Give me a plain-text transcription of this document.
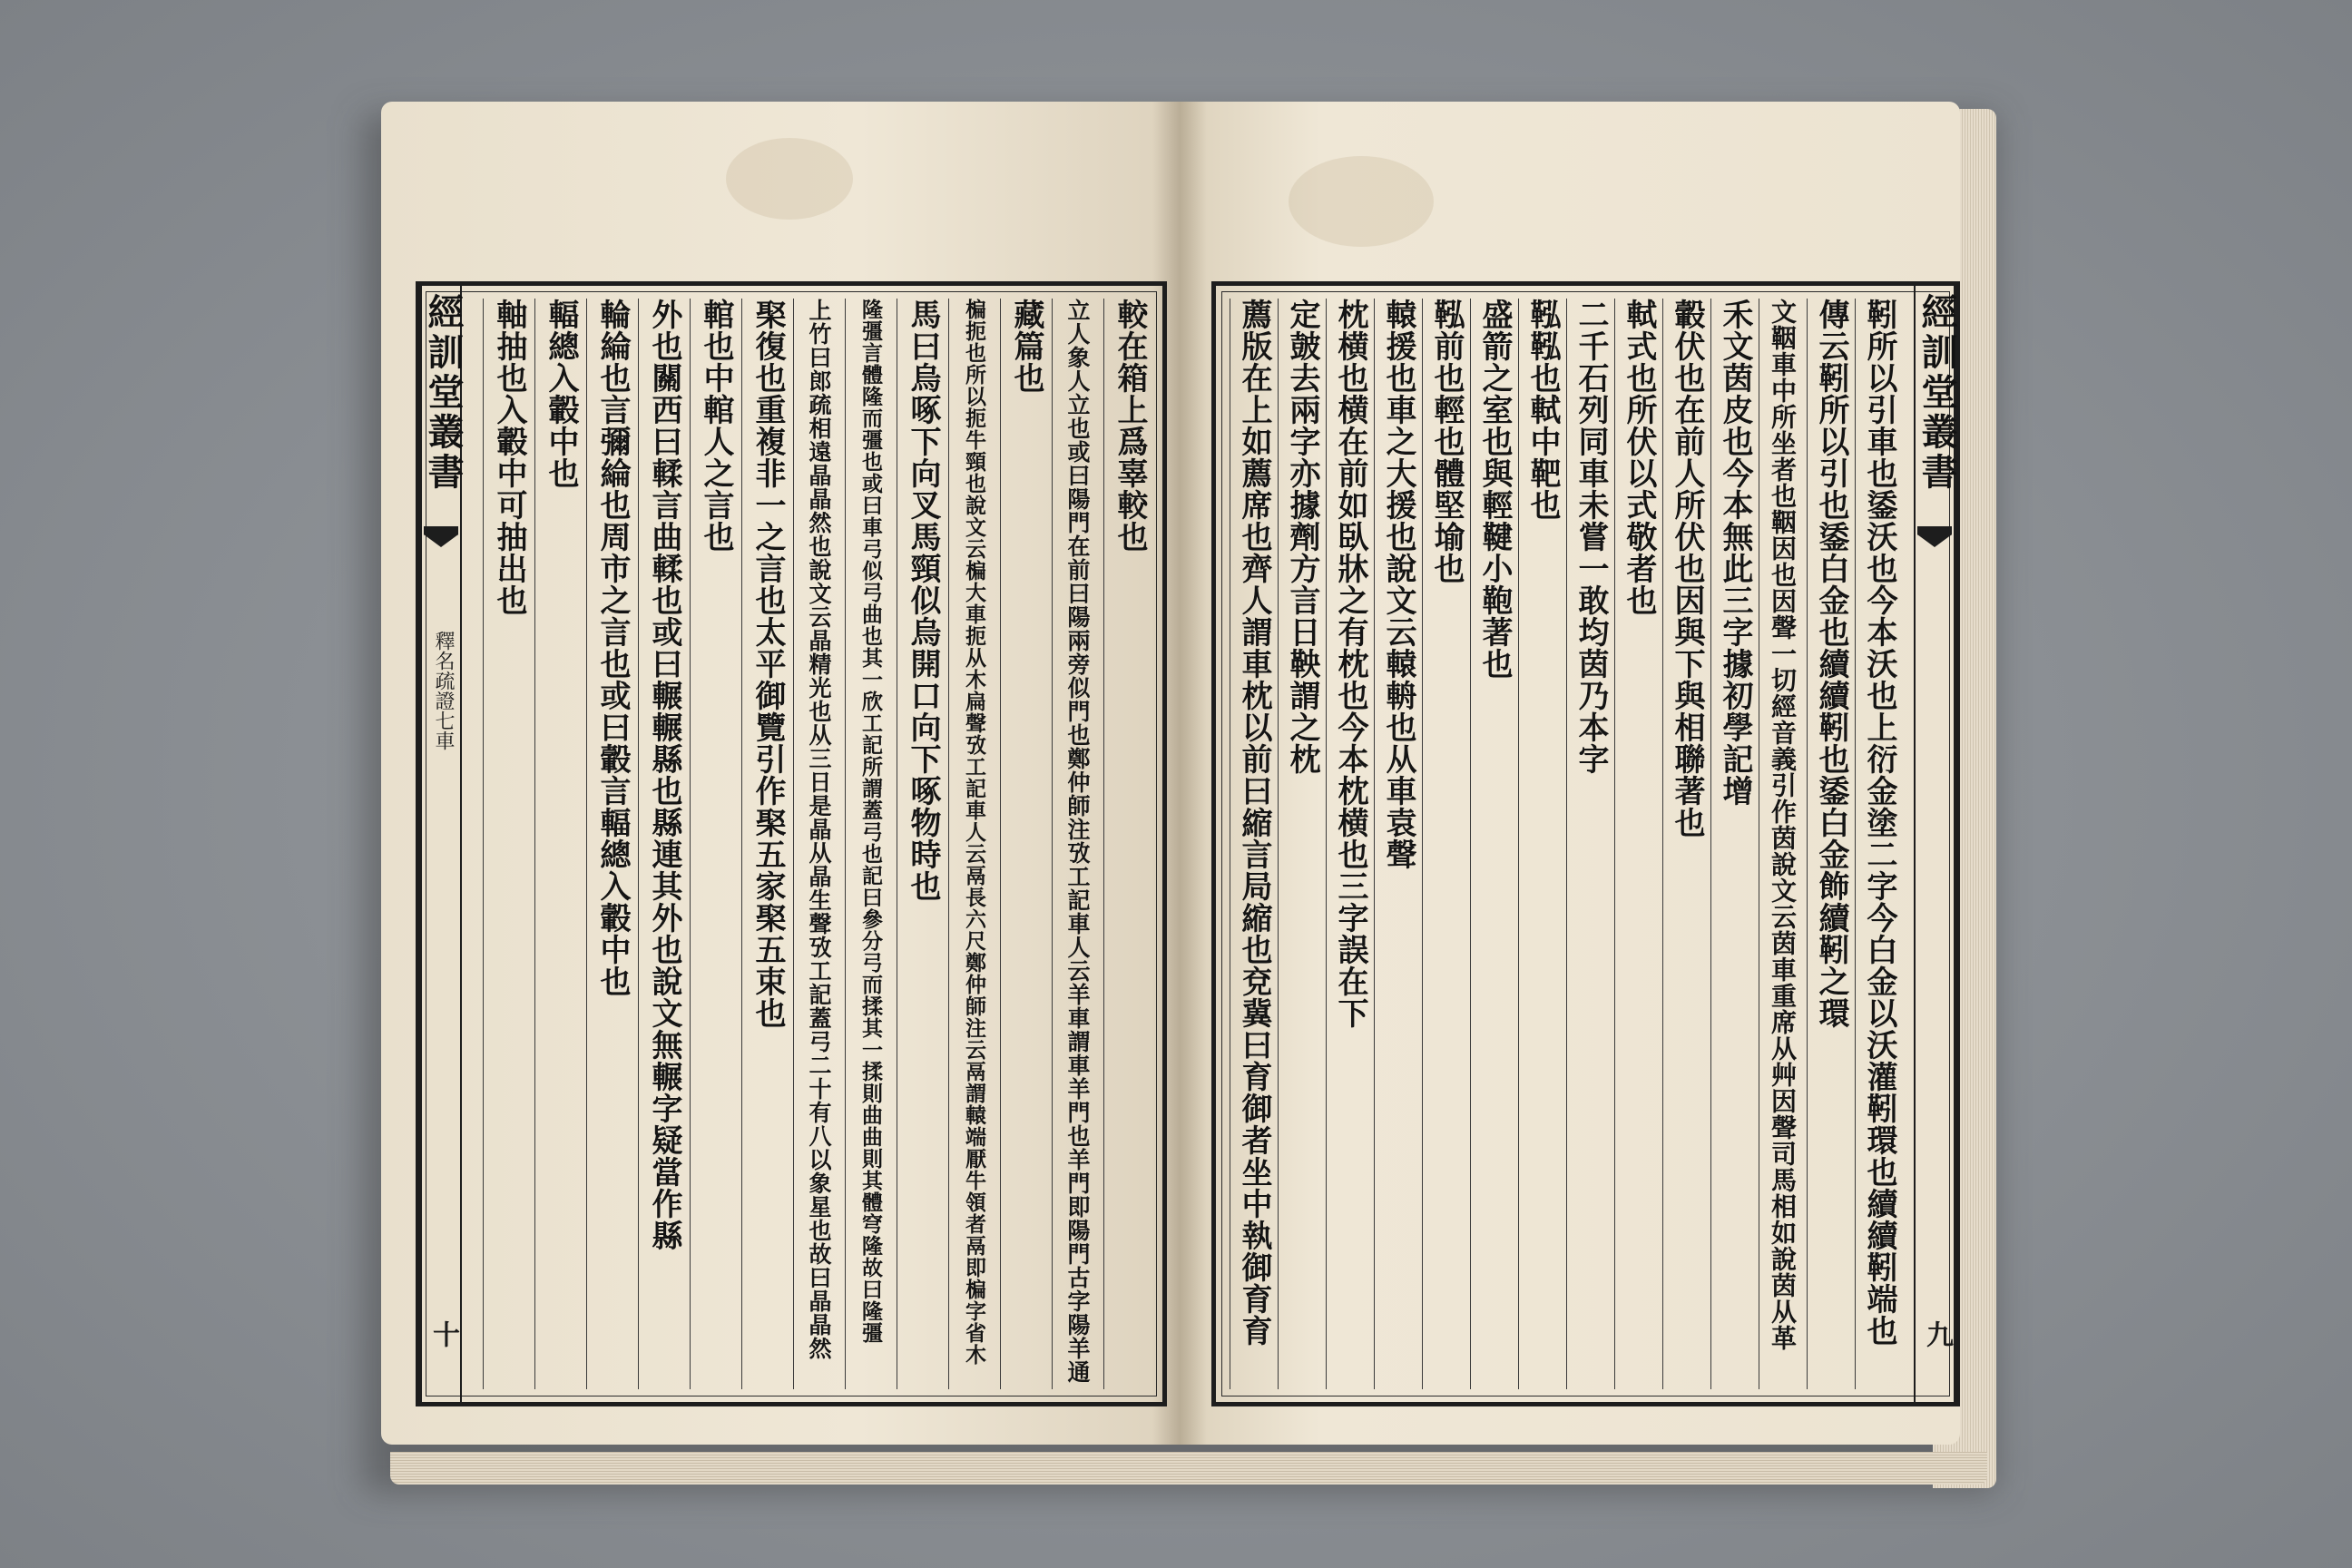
經訓堂叢書
釋名疏證七車
十
較在箱上爲辜較也
立人象人立也或曰陽門在前曰陽兩旁似門也鄭仲師注攷工記車人云羊車謂車羊門也羊門即陽門古字陽羊通
藏篇也
楄扼也所以扼牛頸也說文云楄大車扼从木扁聲攷工記車人云鬲長六尺鄭仲師注云鬲謂轅端厭牛領者鬲即楄字省木
馬曰烏啄下向叉馬頸似烏開口向下啄物時也
隆彊言體隆而彊也或曰車弓似弓曲也其一欣工記所謂蓋弓也記曰參分弓而揉其一揉則曲曲則其體穹隆故曰隆彊
上竹曰郎疏相遠晶晶然也說文云晶精光也从三日是晶从晶生聲攷工記蓋弓二十有八以象星也故曰晶晶然
棸復也重複非一之言也太平御覽引作棸五家棸五束也
輨也中輨人之言也
外也關西曰輮言曲輮也或曰輾輾縣也縣連其外也說文無輾字疑當作縣
輪綸也言彌綸也周市之言也或曰轂言輻總入轂中也
輻總入轂中也
軸抽也入轂中可抽出也	經訓堂叢書
九
靷所以引車也鋈沃也今本沃也上衍金塗二字今白金以沃灌靷環也續續靷端也
傳云靷所以引也鋈白金也續續靷也鋈白金飾續靷之環
文鞇車中所坐者也鞇因也因聲一切經音義引作茵說文云茵車重席从艸因聲司馬相如說茵从革
禾文茵皮也今本無此三字據初學記增
轂伏也在前人所伏也因與下與相聯著也
軾式也所伏以式敬者也
二千石列同車未嘗一敢均茵乃本字
鞃鞃也軾中靶也
盛箭之室也與輕鞬小鞄著也
鞃前也輕也體堅堬也
轅援也車之大援也說文云轅輈也从車袁聲
枕横也横在前如臥牀之有枕也今本枕横也三字誤在下
定皷去兩字亦據劑方言日鞅謂之枕
薦版在上如薦席也齊人謂車枕以前曰縮言局縮也兗冀曰育御者坐中執御育育
